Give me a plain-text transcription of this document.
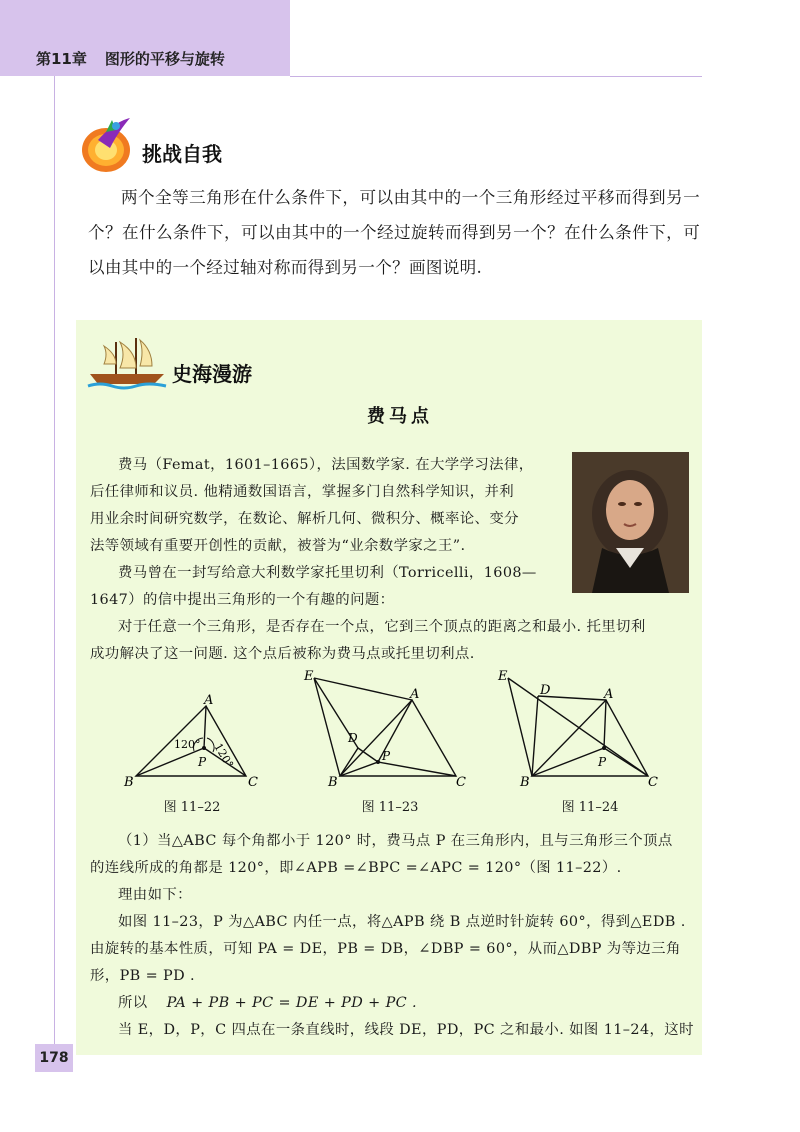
第11章 图形的平移与旋转
挑战自我

两个全等三角形在什么条件下，可以由其中的一个三角形经过平移而得到另一个？在什么条件下，可以由其中的一个经过旋转而得到另一个？在什么条件下，可以由其中的一个经过轴对称而得到另一个？画图说明.

史海漫游
费马点

费马（Femat，1601–1665），法国数学家. 在大学学习法律，

后任律师和议员. 他精通数国语言，掌握多门自然科学知识，并利

用业余时间研究数学，在数论、解析几何、微积分、概率论、变分

法等领域有重要开创性的贡献，被誉为“业余数学家之王”.

费马曾在一封写给意大利数学家托里切利（Torricelli，1608—

1647）的信中提出三角形的一个有趣的问题：

对于任意一个三角形，是否存在一个点，它到三个顶点的距离之和最小. 托里切利

成功解决了这一问题. 这个点后被称为费马点或托里切利点.

A
B	C
P
120° 120°
图 11–22
E
A
B	C
D
P
图 11–23
E
D	A
B	C
P
图 11–24

（1）当△ABC 每个角都小于 120° 时，费马点 P 在三角形内，且与三角形三个顶点

的连线所成的角都是 120°，即∠APB =∠BPC =∠APC = 120°（图 11–22）.

理由如下：

如图 11–23，P 为△ABC 内任一点，将△APB 绕 B 点逆时针旋转 60°，得到△EDB .

由旋转的基本性质，可知 PA = DE，PB = DB，∠DBP = 60°，从而△DBP 为等边三角

形，PB = PD .

所以 PA + PB + PC = DE + PD + PC .

当 E，D，P，C 四点在一条直线时，线段 DE，PD，PC 之和最小. 如图 11–24，这时

178
